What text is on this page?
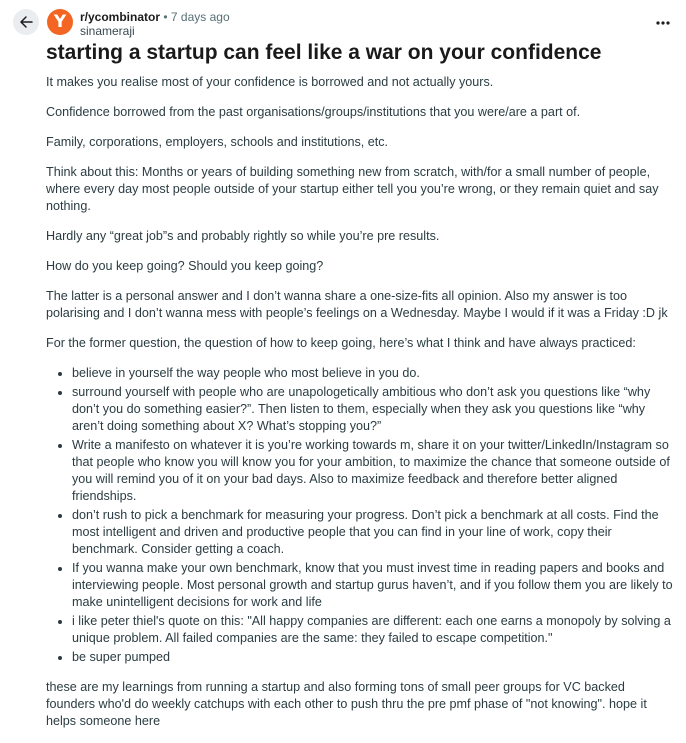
Y r/ycombinator • 7 days ago
sinameraji
starting a startup can feel like a war on your confidence

It makes you realise most of your confidence is borrowed and not actually yours.

Confidence borrowed from the past organisations/groups/institutions that you were/are a part of.

Family, corporations, employers, schools and institutions, etc.

Think about this: Months or years of building something new from scratch, with/for a small number of people, where every day most people outside of your startup either tell you you’re wrong, or they remain quiet and say nothing.

Hardly any “great job”s and probably rightly so while you’re pre results.

How do you keep going? Should you keep going?

The latter is a personal answer and I don’t wanna share a one-size-fits all opinion. Also my answer is too polarising and I don’t wanna mess with people’s feelings on a Wednesday. Maybe I would if it was a Friday :D jk

For the former question, the question of how to keep going, here’s what I think and have always practiced:

• believe in yourself the way people who most believe in you do.
• surround yourself with people who are unapologetically ambitious who don’t ask you questions like “why don’t you do something easier?”. Then listen to them, especially when they ask you questions like “why aren’t doing something about X? What’s stopping you?”
• Write a manifesto on whatever it is you’re working towards m, share it on your twitter/LinkedIn/Instagram so that people who know you will know you for your ambition, to maximize the chance that someone outside of you will remind you of it on your bad days. Also to maximize feedback and therefore better aligned friendships.
• don’t rush to pick a benchmark for measuring your progress. Don’t pick a benchmark at all costs. Find the most intelligent and driven and productive people that you can find in your line of work, copy their benchmark. Consider getting a coach.
• If you wanna make your own benchmark, know that you must invest time in reading papers and books and interviewing people. Most personal growth and startup gurus haven’t, and if you follow them you are likely to make unintelligent decisions for work and life
• i like peter thiel's quote on this: "All happy companies are different: each one earns a monopoly by solving a unique problem. All failed companies are the same: they failed to escape competition."
• be super pumped

these are my learnings from running a startup and also forming tons of small peer groups for VC backed founders who'd do weekly catchups with each other to push thru the pre pmf phase of "not knowing". hope it helps someone here
